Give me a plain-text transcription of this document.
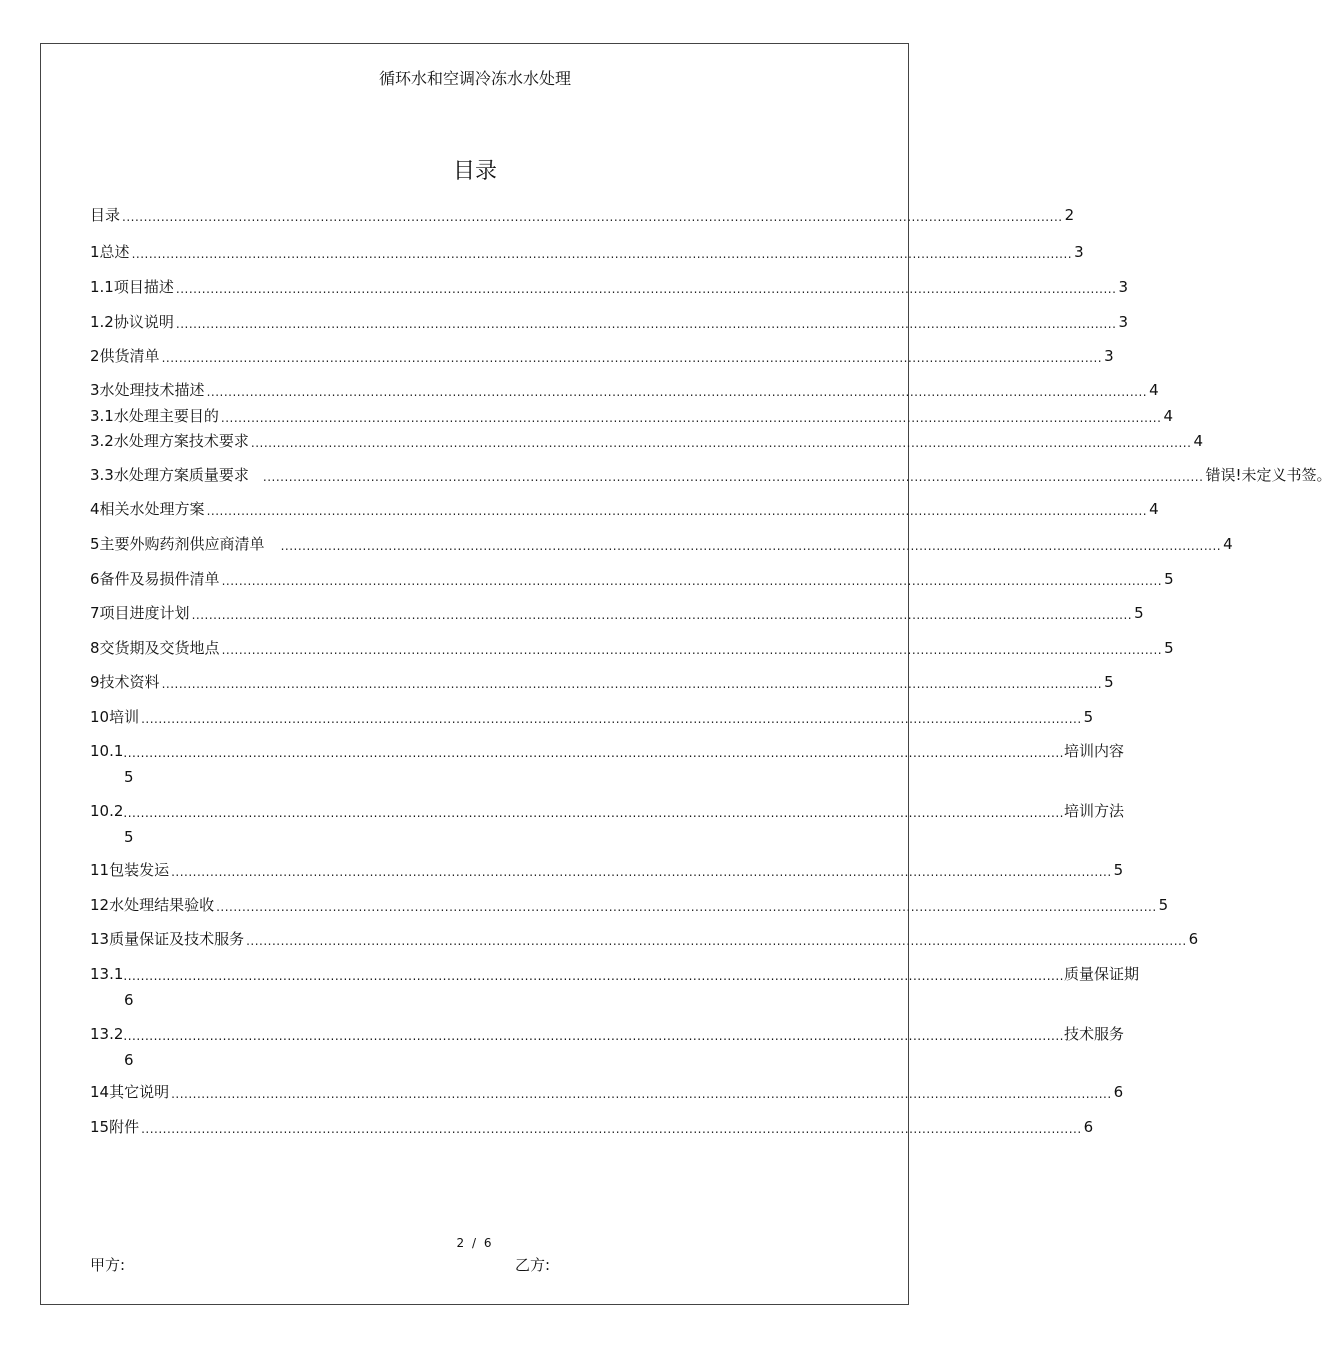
循环水和空调冷冻水水处理
目录
目录 .......................................................................................................................................................................................................................... 2
1 总述 .......................................................................................................................................................................................................................... 3
1.1 项目描述 .......................................................................................................................................................................................................................... 3
1.2 协议说明 .......................................................................................................................................................................................................................... 3
2 供货清单 .......................................................................................................................................................................................................................... 3
3 水处理技术描述 .......................................................................................................................................................................................................................... 4
3.1 水处理主要目的 .......................................................................................................................................................................................................................... 4
3.2 水处理方案技术要求 .......................................................................................................................................................................................................................... 4
3.3 水处理方案质量要求 .......................................................................................................................................................................................................................... 错误!未定义书签。
4 相关水处理方案 .......................................................................................................................................................................................................................... 4
5 主要外购药剂供应商清单 .......................................................................................................................................................................................................................... 4
6 备件及易损件清单 .......................................................................................................................................................................................................................... 5
7 项目进度计划 .......................................................................................................................................................................................................................... 5
8 交货期及交货地点 .......................................................................................................................................................................................................................... 5
9 技术资料 .......................................................................................................................................................................................................................... 5
10 培训 .......................................................................................................................................................................................................................... 5
10.1 .......................................................................................................................................................................................................................... 培训内容
5
10.2 .......................................................................................................................................................................................................................... 培训方法
5
11 包装发运 .......................................................................................................................................................................................................................... 5
12 水处理结果验收 .......................................................................................................................................................................................................................... 5
13 质量保证及技术服务 .......................................................................................................................................................................................................................... 6
13.1 .......................................................................................................................................................................................................................... 质量保证期
6
13.2 .......................................................................................................................................................................................................................... 技术服务
6
14 其它说明 .......................................................................................................................................................................................................................... 6
15 附件 .......................................................................................................................................................................................................................... 6
2 / 6
甲方:	乙方:
